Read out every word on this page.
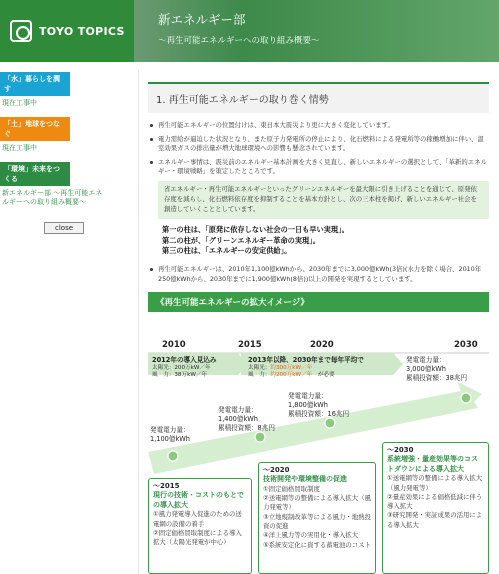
TOYO TOPICS
新エネルギー部
〜再生可能エネルギーへの取り組み概要〜
「水」暮らしを潤す
現在工事中
「土」地球をつなぐ
現在工事中
「環境」未来をつくる
新エネルギー部 〜再生可能エネルギーへの取り組み概要〜
close
1. 再生可能エネルギーの取り巻く情勢
再生可能エネルギーの位置付けは、東日本大震災より更に大きく変化しています。
電力需給が逼迫した状況となり、また原子力発電所の停止により、化石燃料による発電所等の稼働増加に伴い、温室効果ガスの排出量が増大地球環境への影響も懸念されています。
エネルギー事情は、震災前のエネルギー基本計画を大きく見直し、新しいエネルギーの選択として、「革新的エネルギー・環境戦略」を策定したところです。
省エネルギー・再生可能エネルギーといったグリーンエネルギーを最大限に引き上げることを通じて、原発依存度を減らし、化石燃料依存度を抑制することを基本方針とし、次の三本柱を掲げ、新しいエネルギー社会を創造していくこととしています。
第一の柱は、「原発に依存しない社会の一日も早い実現」。
第二の柱が、「グリーンエネルギー革命の実現」。
第三の柱は、「エネルギーの安定供給」。
再生可能エネルギーは、2010年1,100億kWhから、2030年までに3,000億kWh(3倍)(水力を除く場合、2010年250億kWhから、2030年までに1,900億kWh(8倍))以上の開発を実現するとしています。
《再生可能エネルギーの拡大イメージ》
2010	2015	2020	2030
2012年の導入見込み
太陽光：200万kW／年
風　力：38万kW／年
2013年以降、2030年まで毎年平均で
太陽光：約300万kW／年
風　力：約200万kW／年　 が必要
発電電力量：
1,100億kWh
発電電力量：
1,400億kWh
累積投資額：8兆円
発電電力量：
1,800億kWh
累積投資額：16兆円
発電電力量：
3,000億kWh
累積投資額：38兆円
〜2015
現行の技術・コストのもとでの導入拡大
①風力発電導入促進のための送電網の設備の着手
②固定価格買取制度による導入拡大（太陽光発電が中心）
〜2020
技術開発や環境整備の促進
①固定価格買取制度
②送電網等の整備による導入拡大（風力発電等）
③立地規制改革等による風力・地熱投資の促進
④洋上風力等の実用化・導入拡大
⑤系統安定化に資する蓄電池のコスト
〜2030
系統増強・量産効果等のコストダウンによる導入拡大
①送電網等の整備による導入拡大（風力発電等）
②量産効果による価格低減に伴う導入拡大
③研究開発・実証成果の活用による導入拡大
